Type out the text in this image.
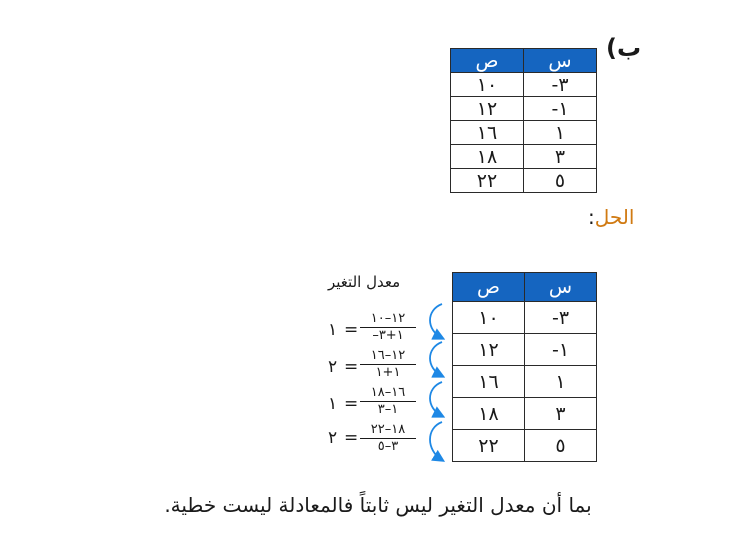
ب)
ص	س
١٠	-٣
١٢	-١
١٦	١
١٨	٣
٢٢	٥
الحل:
معدل التغير
١٢–١٠
–١+٣
=
١
١٢–١٦
١+١
=
٢
١٦–١٨
١–٣
=
١
١٨–٢٢
٣–٥
=
٢
ص	س
١٠	-٣
١٢	-١
١٦	١
١٨	٣
٢٢	٥
بما أن معدل التغير ليس ثابتاً فالمعادلة ليست خطية.
